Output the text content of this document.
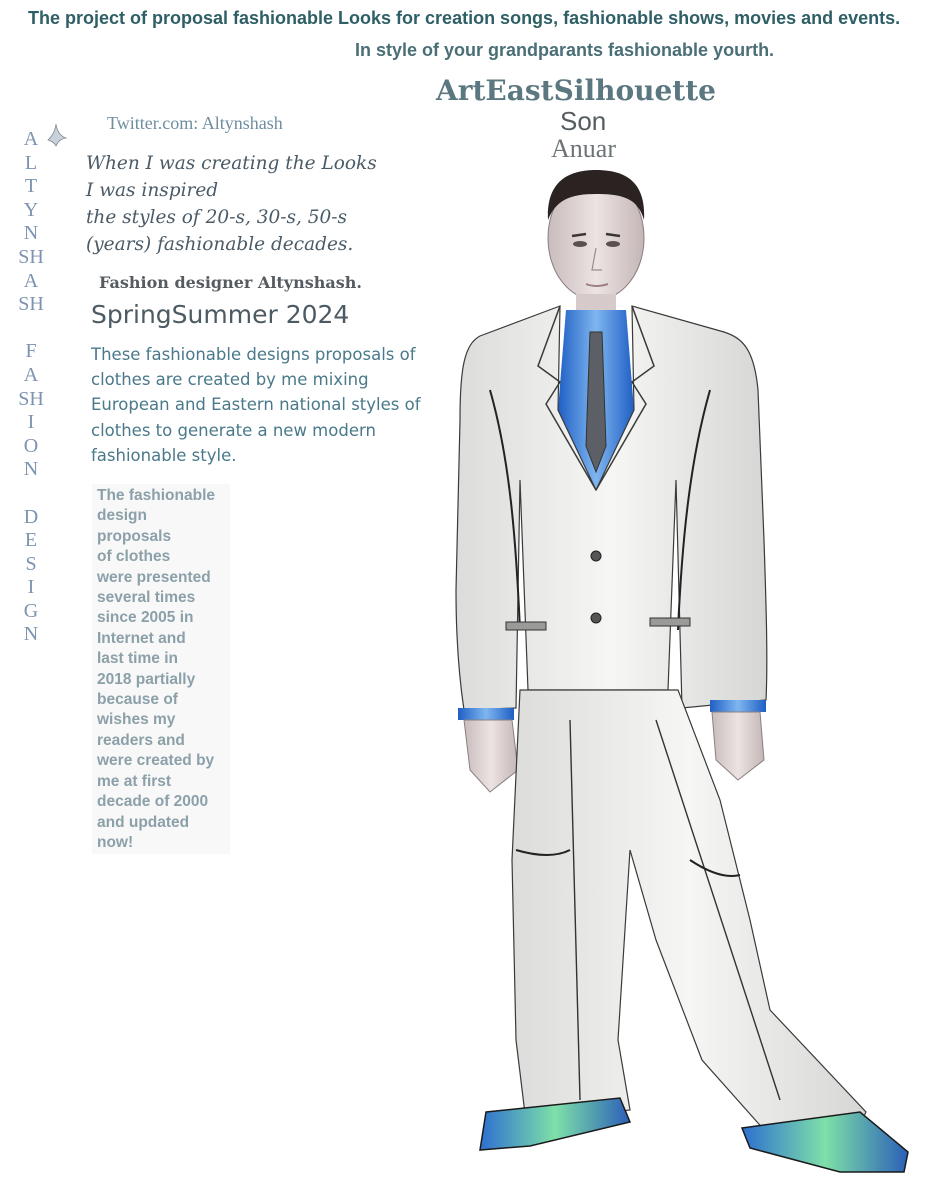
The project of proposal fashionable Looks for creation songs, fashionable shows, movies and events.
In style of your grandparants fashionable yourth.
ArtEastSilhouette
Son
Anuar
A
L
T
Y
N
SH
A
SH
F
A
SH
I
O
N
D
E
S
I
G
N
Twitter.com: Altynshash
When I was creating the Looks
I was inspired
the styles of 20-s, 30-s, 50-s
(years) fashionable decades.
Fashion designer Altynshash.
SpringSummer 2024
These fashionable designs proposals of
clothes are created by me mixing
European and Eastern national styles of
clothes to generate a new modern
fashionable style.
The fashionable
design
proposals
of clothes
were presented
several times
since 2005 in
Internet and
last time in
2018 partially
because of
wishes my
readers and
were created by
me at first
decade of 2000
and updated
now!
